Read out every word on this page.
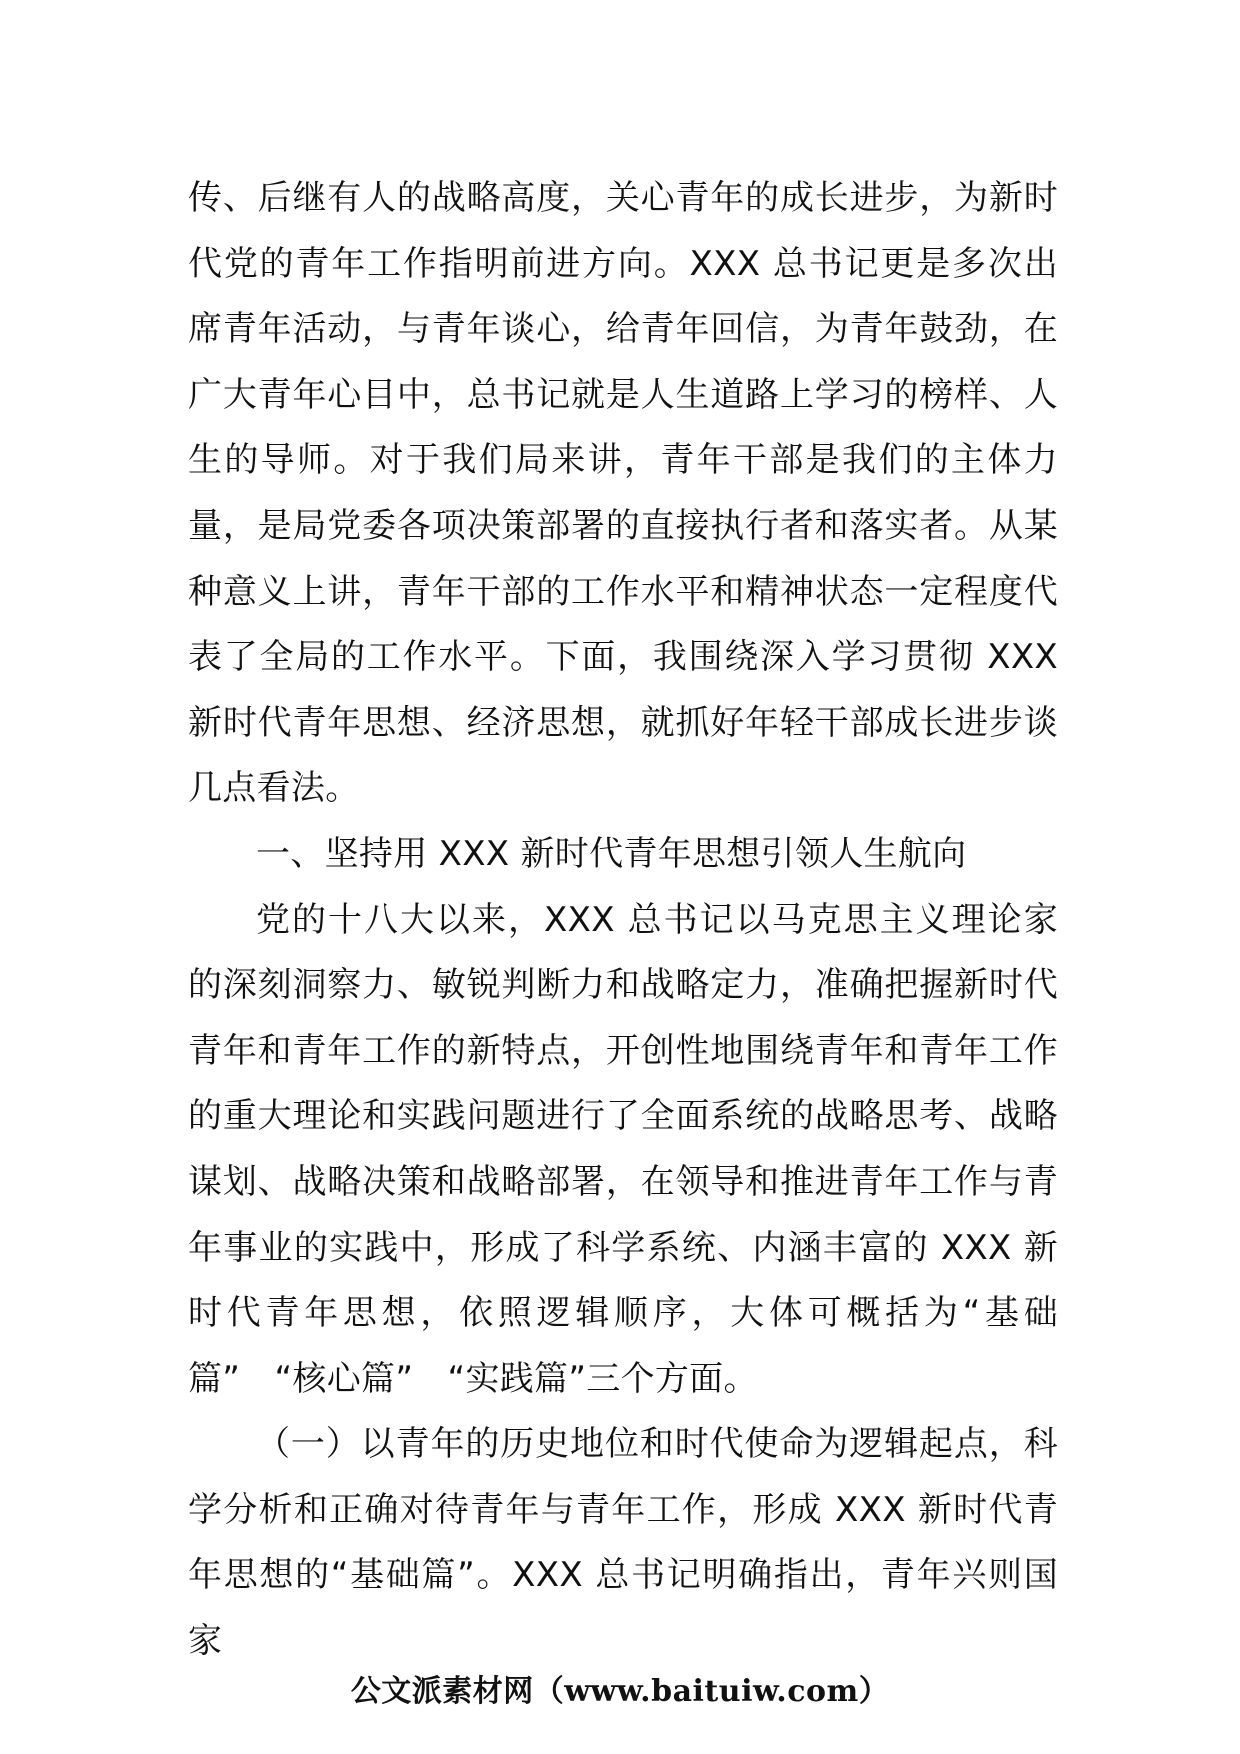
传、后继有人的战略高度，关心青年的成长进步，为新时代党的青年工作指明前进方向。XXX 总书记更是多次出席青年活动，与青年谈心，给青年回信，为青年鼓劲，在广大青年心目中，总书记就是人生道路上学习的榜样、人生的导师。对于我们局来讲，青年干部是我们的主体力量，是局党委各项决策部署的直接执行者和落实者。从某种意义上讲，青年干部的工作水平和精神状态一定程度代表了全局的工作水平。下面，我围绕深入学习贯彻 XXX 新时代青年思想、经济思想，就抓好年轻干部成长进步谈几点看法。

一、坚持用 XXX 新时代青年思想引领人生航向

党的十八大以来，XXX 总书记以马克思主义理论家的深刻洞察力、敏锐判断力和战略定力，准确把握新时代青年和青年工作的新特点，开创性地围绕青年和青年工作的重大理论和实践问题进行了全面系统的战略思考、战略谋划、战略决策和战略部署，在领导和推进青年工作与青年事业的实践中，形成了科学系统、内涵丰富的 XXX 新时代青年思想，依照逻辑顺序，大体可概括为“基础篇”　“核心篇”　“实践篇”三个方面。

（一）以青年的历史地位和时代使命为逻辑起点，科学分析和正确对待青年与青年工作，形成 XXX 新时代青年思想的“基础篇”。XXX 总书记明确指出，青年兴则国家

公文派素材网（www.baituiw.com）
